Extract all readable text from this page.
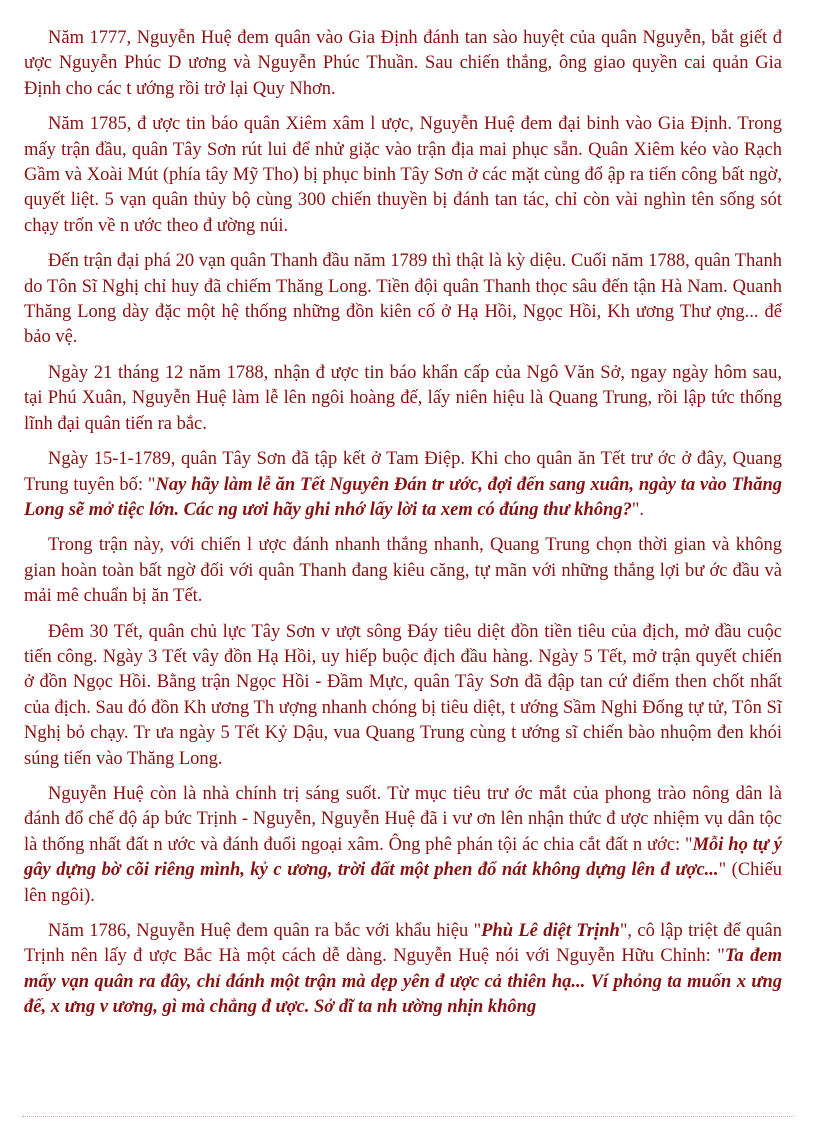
Năm 1777, Nguyễn Huệ đem quân vào Gia Định đánh tan sào huyệt của quân Nguyễn, bắt giết đ ược Nguyễn Phúc D ương và Nguyễn Phúc Thuần. Sau chiến thắng, ông giao quyền cai quản Gia Định cho các t ướng rồi trở lại Quy Nhơn.

Năm 1785, đ ược tin báo quân Xiêm xâm l ược, Nguyễn Huệ đem đại binh vào Gia Định. Trong mấy trận đầu, quân Tây Sơn rút lui để nhử giặc vào trận địa mai phục sẵn. Quân Xiêm kéo vào Rạch Gầm và Xoài Mút (phía tây Mỹ Tho) bị phục binh Tây Sơn ở các mặt cùng đổ ập ra tiến công bất ngờ, quyết liệt. 5 vạn quân thủy bộ cùng 300 chiến thuyền bị đánh tan tác, chỉ còn vài nghìn tên sống sót chạy trốn về n ước theo đ ường núi.

Đến trận đại phá 20 vạn quân Thanh đầu năm 1789 thì thật là kỳ diệu. Cuối năm 1788, quân Thanh do Tôn Sĩ Nghị chỉ huy đã chiếm Thăng Long. Tiền đội quân Thanh thọc sâu đến tận Hà Nam. Quanh Thăng Long dày đặc một hệ thống những đồn kiên cố ở Hạ Hồi, Ngọc Hồi, Kh ương Thư ợng... để bảo vệ.

Ngày 21 tháng 12 năm 1788, nhận đ ược tin báo khẩn cấp của Ngô Văn Sở, ngay ngày hôm sau, tại Phú Xuân, Nguyễn Huệ làm lễ lên ngôi hoàng đế, lấy niên hiệu là Quang Trung, rồi lập tức thống lĩnh đại quân tiến ra bắc.

Ngày 15-1-1789, quân Tây Sơn đã tập kết ở Tam Điệp. Khi cho quân ăn Tết trư ớc ở đây, Quang Trung tuyên bố: "Nay hãy làm lễ ăn Tết Nguyên Đán tr ước, đợi đến sang xuân, ngày ta vào Thăng Long sẽ mở tiệc lớn. Các ng ươi hãy ghi nhớ lấy lời ta xem có đúng thư không?".

Trong trận này, với chiến l ược đánh nhanh thắng nhanh, Quang Trung chọn thời gian và không gian hoàn toàn bất ngờ đối với quân Thanh đang kiêu căng, tự mãn với những thắng lợi bư ớc đầu và mải mê chuẩn bị ăn Tết.

Đêm 30 Tết, quân chủ lực Tây Sơn v ượt sông Đáy tiêu diệt đồn tiền tiêu của địch, mở đầu cuộc tiến công. Ngày 3 Tết vây đồn Hạ Hồi, uy hiếp buộc địch đầu hàng. Ngày 5 Tết, mở trận quyết chiến ở đồn Ngọc Hồi. Bằng trận Ngọc Hồi - Đầm Mực, quân Tây Sơn đã đập tan cứ điểm then chốt nhất của địch. Sau đó đồn Kh ương Th ượng nhanh chóng bị tiêu diệt, t ướng Sầm Nghi Đống tự tử, Tôn Sĩ Nghị bỏ chạy. Tr ưa ngày 5 Tết Kỷ Dậu, vua Quang Trung cùng t ướng sĩ chiến bào nhuộm đen khói súng tiến vào Thăng Long.

Nguyễn Huệ còn là nhà chính trị sáng suốt. Từ mục tiêu trư ớc mắt của phong trào nông dân là đánh đổ chế độ áp bức Trịnh - Nguyễn, Nguyễn Huệ đã i vư ơn lên nhận thức đ ược nhiệm vụ dân tộc là thống nhất đất n ước và đánh đuổi ngoại xâm. Ông phê phán tội ác chia cắt đất n ước: "Mỗi họ tự ý gây dựng bờ cõi riêng mình, kỷ c ương, trời đất một phen đổ nát không dựng lên đ ược..." (Chiếu lên ngôi).

Năm 1786, Nguyễn Huệ đem quân ra bắc với khẩu hiệu "Phù Lê diệt Trịnh", cô lập triệt để quân Trịnh nên lấy đ ược Bắc Hà một cách dễ dàng. Nguyễn Huệ nói với Nguyễn Hữu Chỉnh: "Ta đem mấy vạn quân ra đây, chỉ đánh một trận mà dẹp yên đ ược cả thiên hạ... Ví phỏng ta muốn x ưng đế, x ưng v ương, gì mà chẳng đ ược. Sở dĩ ta nh ường nhịn không
